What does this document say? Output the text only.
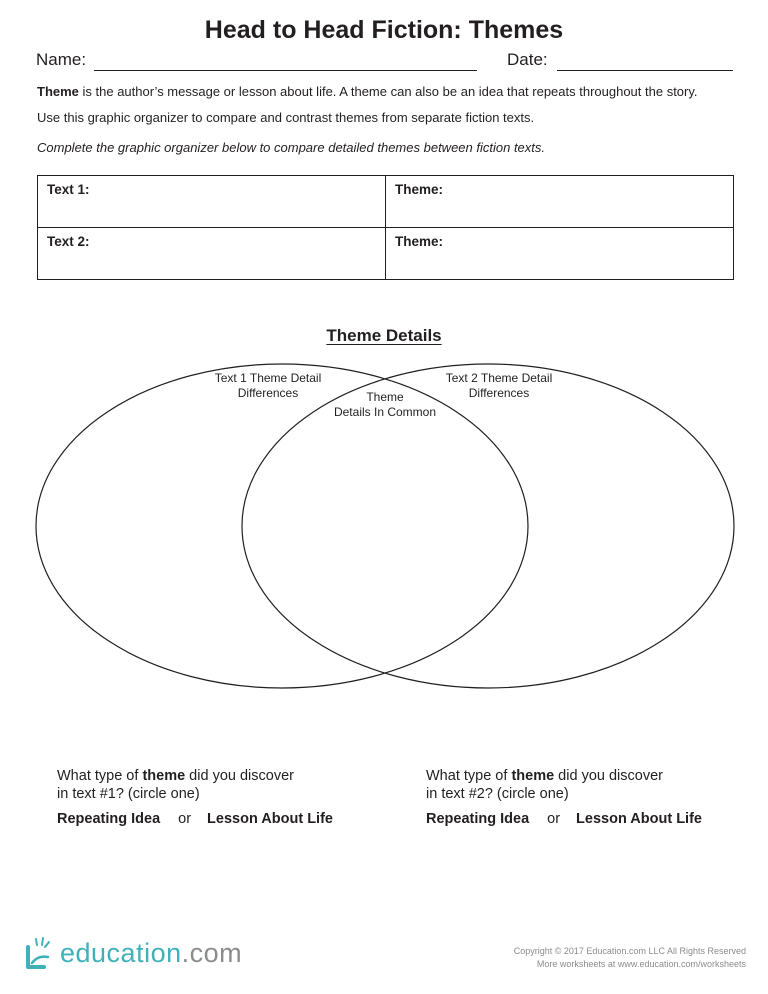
Head to Head Fiction: Themes
Name:	Date:
Theme is the author’s message or lesson about life. A theme can also be an idea that repeats throughout the story.
Use this graphic organizer to compare and contrast themes from separate fiction texts.
Complete the graphic organizer below to compare detailed themes between fiction texts.
Text 1:	Theme:
Text 2:	Theme:
Theme Details
Text 1 Theme Detail
Differences
Text 2 Theme Detail
Differences
Theme
Details In Common
What type of theme did you discover
in text #1? (circle one)
Repeating Idea or Lesson About Life
What type of theme did you discover
in text #2? (circle one)
Repeating Idea or Lesson About Life
education.com	Copyright © 2017 Education.com LLC All Rights Reserved
More worksheets at www.education.com/worksheets
